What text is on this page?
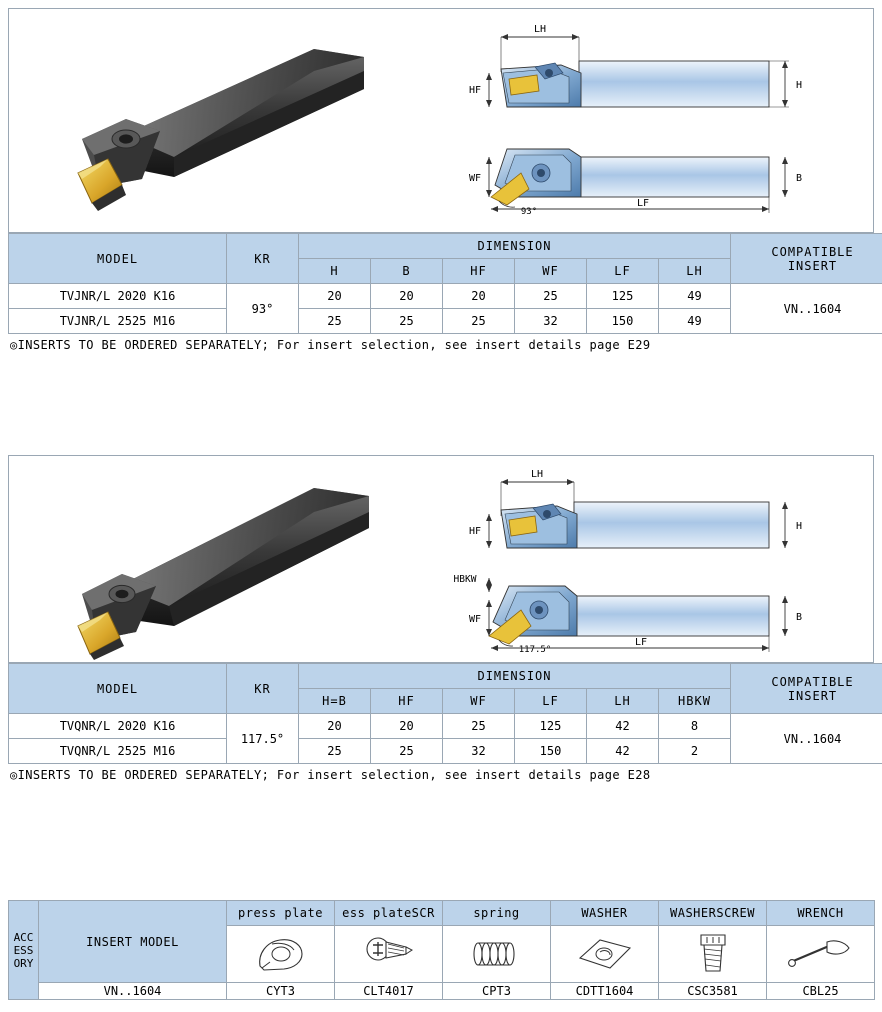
LH
HF	H
WF	B
93°
LF
MODEL	KR	DIMENSION						COMPATIBLE
INSERT

		H	B	HF	WF	LF	LH	
TVJNR/L 2020 K16	93°	20	20	20	25	125	49	VN..1604
TVJNR/L 2525 M16		25	25	25	32	150	49	
◎INSERTS TO BE ORDERED SEPARATELY; For insert selection, see insert details page E29
LH
HF	H
HBKW
WF	B
117.5°
LF
MODEL	KR	DIMENSION						COMPATIBLE
INSERT

		H=B	HF	WF	LF	LH	HBKW	
TVQNR/L 2020 K16	117.5°	20	20	25	125	42	8	VN..1604
TVQNR/L 2525 M16		25	25	32	150	42	2	
◎INSERTS TO BE ORDERED SEPARATELY; For insert selection, see insert details page E28
ACC
ESS
ORY	INSERT MODEL	press plate	ess plateSCR	spring	WASHER	WASHERSCREW	WRENCH

	VN..1604	CYT3	CLT4017	CPT3	CDTT1604	CSC3581	CBL25
